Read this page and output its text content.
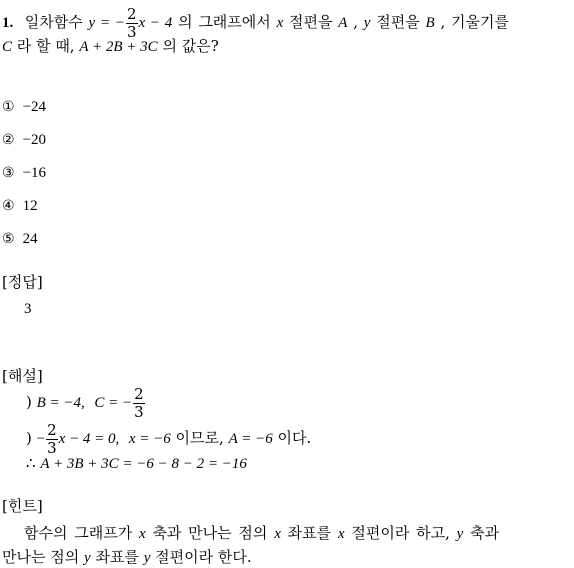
1. 일차함수 y = − $\frac{2}{3}$ x − 4 의 그래프에서 x 절편을 A , y 절편을 B , 기울기를
C 라 할 때, A + 2B + 3C 의 값은?
① −24
② −20
③ −16
④ 12
⑤ 24
[정답]
3
[해설]
) B = −4, C = − $\frac{2}{3}$
) − $\frac{2}{3}$ x − 4 = 0, x = −6 이므로, A = −6 이다.
∴ A + 3B + 3C = −6 − 8 − 2 = −16
[힌트]
함수의 그래프가 x 축과 만나는 점의 x 좌표를 x 절편이라 하고, y 축과
만나는 점의 y 좌표를 y 절편이라 한다.
